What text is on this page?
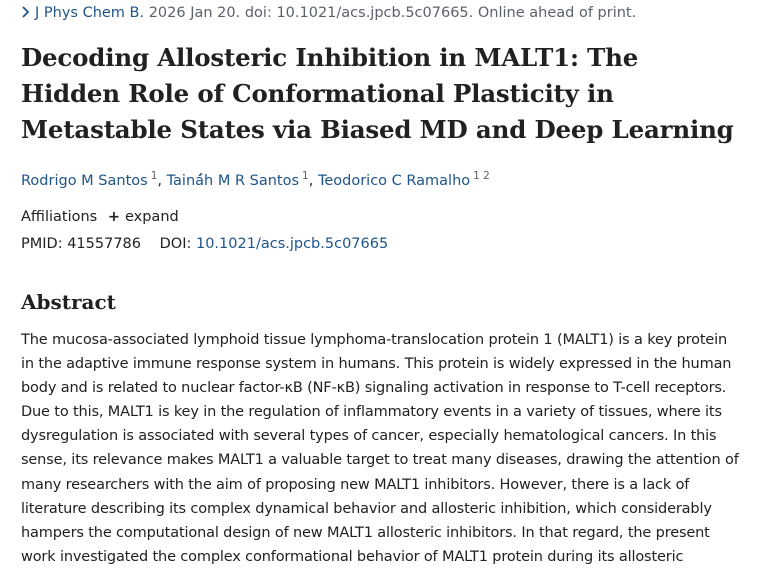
J Phys Chem B. 2026 Jan 20. doi: 10.1021/acs.jpcb.5c07665. Online ahead of print.
Decoding Allosteric Inhibition in MALT1: The Hidden Role of Conformational Plasticity in Metastable States via Biased MD and Deep Learning
Rodrigo M Santos $^1$, Tainá́h M R Santos $^1$, Teodorico C Ramalho $^{1 2}$
Affiliations + expand
PMID: 41557786 DOI: 10.1021/acs.jpcb.5c07665
Abstract

The mucosa-associated lymphoid tissue lymphoma-translocation protein 1 (MALT1) is a key protein in the adaptive immune response system in humans. This protein is widely expressed in the human body and is related to nuclear factor-κB (NF-κB) signaling activation in response to T-cell receptors. Due to this, MALT1 is key in the regulation of inflammatory events in a variety of tissues, where its dysregulation is associated with several types of cancer, especially hematological cancers. In this sense, its relevance makes MALT1 a valuable target to treat many diseases, drawing the attention of many researchers with the aim of proposing new MALT1 inhibitors. However, there is a lack of literature describing its complex dynamical behavior and allosteric inhibition, which considerably hampers the computational design of new MALT1 allosteric inhibitors. In that regard, the present work investigated the complex conformational behavior of MALT1 protein during its allosteric
